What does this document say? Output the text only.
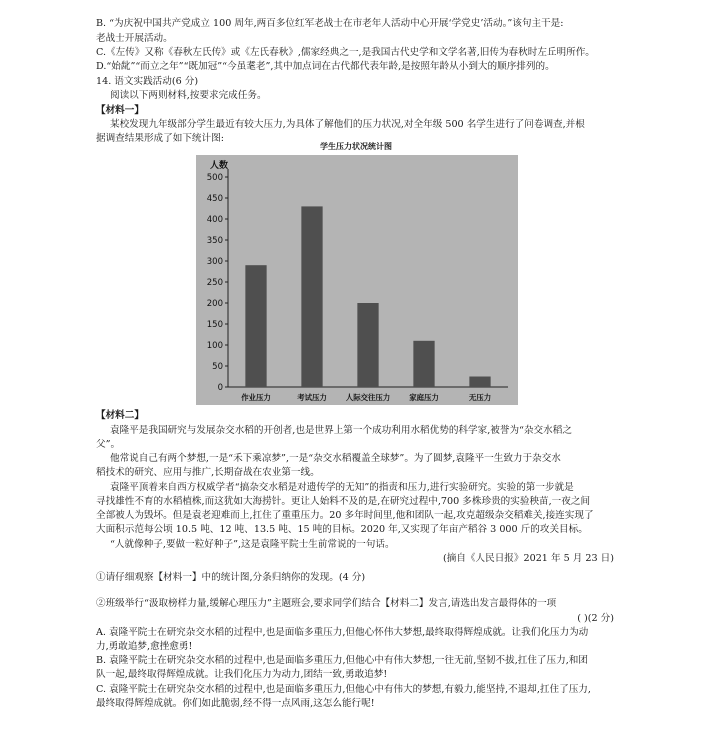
B. “为庆祝中国共产党成立 100 周年,两百多位红军老战士在市老年人活动中心开展‘学党史’活动。”该句主干是:
老战士开展活动。
C.《左传》又称《春秋左氏传》或《左氏春秋》,儒家经典之一,是我国古代史学和文学名著,旧传为春秋时左丘明所作。
D.“始龀”“而立之年”“既加冠”“今虽耄老”,其中加点词在古代都代表年龄,是按照年龄从小到大的顺序排列的。
14. 语文实践活动(6 分)
阅读以下两则材料,按要求完成任务。
【材料一】
某校发现九年级部分学生最近有较大压力,为具体了解他们的压力状况,对全年级 500 名学生进行了问卷调查,并根
据调查结果形成了如下统计图:
学生压力状况统计图
人数
0
50
100
150
200
250
300
350
400
450
500
作业压力	考试压力	人际交往压力	家庭压力	无压力
【材料二】
袁隆平是我国研究与发展杂交水稻的开创者,也是世界上第一个成功利用水稻优势的科学家,被誉为“杂交水稻之
父”。
他常说自己有两个梦想,一是“禾下乘凉梦”,一是“杂交水稻覆盖全球梦”。为了圆梦,袁隆平一生致力于杂交水
稻技术的研究、应用与推广,长期奋战在农业第一线。
袁隆平顶着来自西方权威学者“搞杂交水稻是对遗传学的无知”的指责和压力,进行实验研究。实验的第一步就是
寻找雄性不育的水稻植株,而这犹如大海捞针。更让人始料不及的是,在研究过程中,700 多株珍贵的实验秧苗,一夜之间
全部被人为毁坏。但是袁老迎难而上,扛住了重重压力。20 多年时间里,他和团队一起,攻克超级杂交稻难关,接连实现了
大面积示范每公顷 10.5 吨、12 吨、13.5 吨、15 吨的目标。2020 年,又实现了年亩产稻谷 3 000 斤的攻关目标。
“人就像种子,要做一粒好种子”,这是袁隆平院士生前常说的一句话。
(摘自《人民日报》2021 年 5 月 23 日)
①请仔细观察【材料一】中的统计图,分条归纳你的发现。(4 分)
②班级举行“汲取榜样力量,缓解心理压力”主题班会,要求同学们结合【材料二】发言,请选出发言最得体的一项
( )(2 分)
A. 袁隆平院士在研究杂交水稻的过程中,也是面临多重压力,但他心怀伟大梦想,最终取得辉煌成就。让我们化压力为动
力,勇敢追梦,愈挫愈勇!
B. 袁隆平院士在研究杂交水稻的过程中,也是面临多重压力,但他心中有伟大梦想,一往无前,坚韧不拔,扛住了压力,和团
队一起,最终取得辉煌成就。让我们化压力为动力,团结一致,勇敢追梦!
C. 袁隆平院士在研究杂交水稻的过程中,也是面临多重压力,但他心中有伟大的梦想,有毅力,能坚持,不退却,扛住了压力,
最终取得辉煌成就。你们如此脆弱,经不得一点风雨,这怎么能行呢!
